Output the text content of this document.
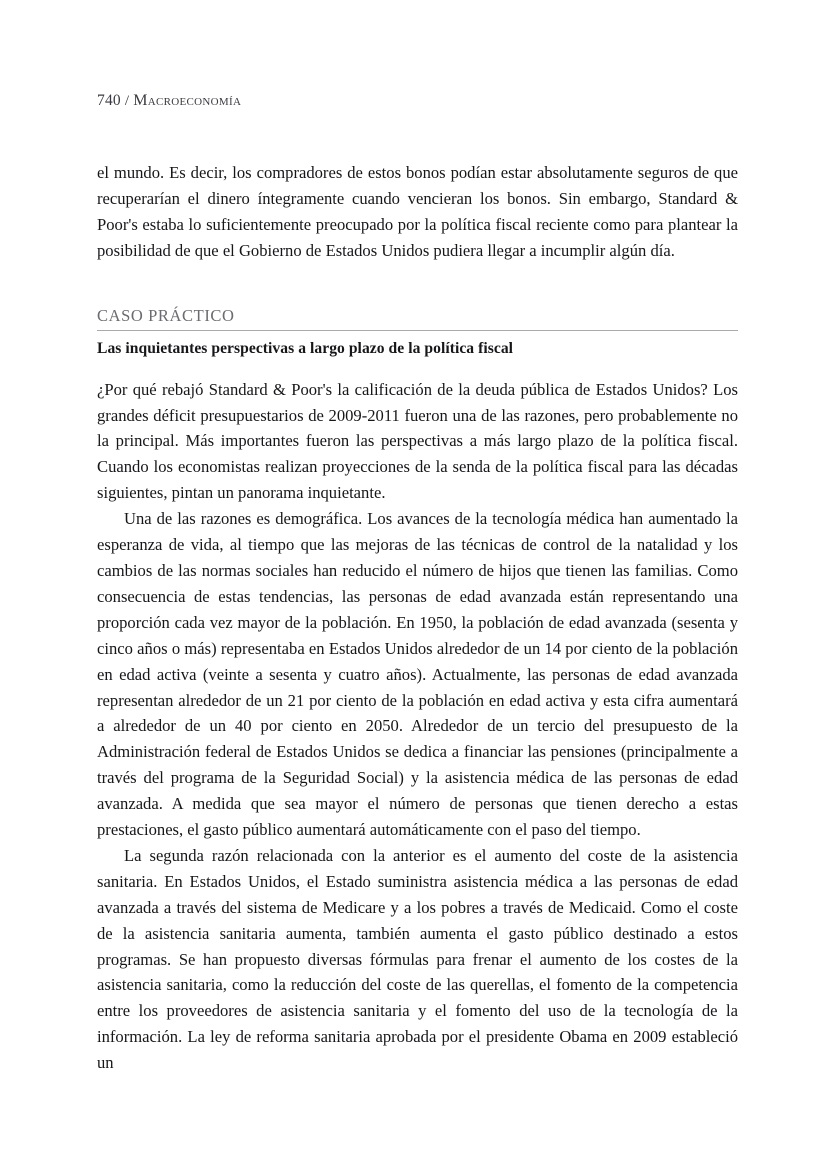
740 / Macroeconomía

el mundo. Es decir, los compradores de estos bonos podían estar absolutamente seguros de que recuperarían el dinero íntegramente cuando vencieran los bonos. Sin embargo, Standard & Poor's estaba lo suficientemente preocupado por la política fiscal reciente como para plantear la posibilidad de que el Gobierno de Estados Unidos pudiera llegar a incumplir algún día.

CASO PRÁCTICO

Las inquietantes perspectivas a largo plazo de la política fiscal

¿Por qué rebajó Standard & Poor's la calificación de la deuda pública de Estados Unidos? Los grandes déficit presupuestarios de 2009-2011 fueron una de las razones, pero probablemente no la principal. Más importantes fueron las perspectivas a más largo plazo de la política fiscal. Cuando los economistas realizan proyecciones de la senda de la política fiscal para las décadas siguientes, pintan un panorama inquietante.

Una de las razones es demográfica. Los avances de la tecnología médica han aumentado la esperanza de vida, al tiempo que las mejoras de las técnicas de control de la natalidad y los cambios de las normas sociales han reducido el número de hijos que tienen las familias. Como consecuencia de estas tendencias, las personas de edad avanzada están representando una proporción cada vez mayor de la población. En 1950, la población de edad avanzada (sesenta y cinco años o más) representaba en Estados Unidos alrededor de un 14 por ciento de la población en edad activa (veinte a sesenta y cuatro años). Actualmente, las personas de edad avanzada representan alrededor de un 21 por ciento de la población en edad activa y esta cifra aumentará a alrededor de un 40 por ciento en 2050. Alrededor de un tercio del presupuesto de la Administración federal de Estados Unidos se dedica a financiar las pensiones (principalmente a través del programa de la Seguridad Social) y la asistencia médica de las personas de edad avanzada. A medida que sea mayor el número de personas que tienen derecho a estas prestaciones, el gasto público aumentará automáticamente con el paso del tiempo.

La segunda razón relacionada con la anterior es el aumento del coste de la asistencia sanitaria. En Estados Unidos, el Estado suministra asistencia médica a las personas de edad avanzada a través del sistema de Medicare y a los pobres a través de Medicaid. Como el coste de la asistencia sanitaria aumenta, también aumenta el gasto público destinado a estos programas. Se han propuesto diversas fórmulas para frenar el aumento de los costes de la asistencia sanitaria, como la reducción del coste de las querellas, el fomento de la competencia entre los proveedores de asistencia sanitaria y el fomento del uso de la tecnología de la información. La ley de reforma sanitaria aprobada por el presidente Obama en 2009 estableció un
